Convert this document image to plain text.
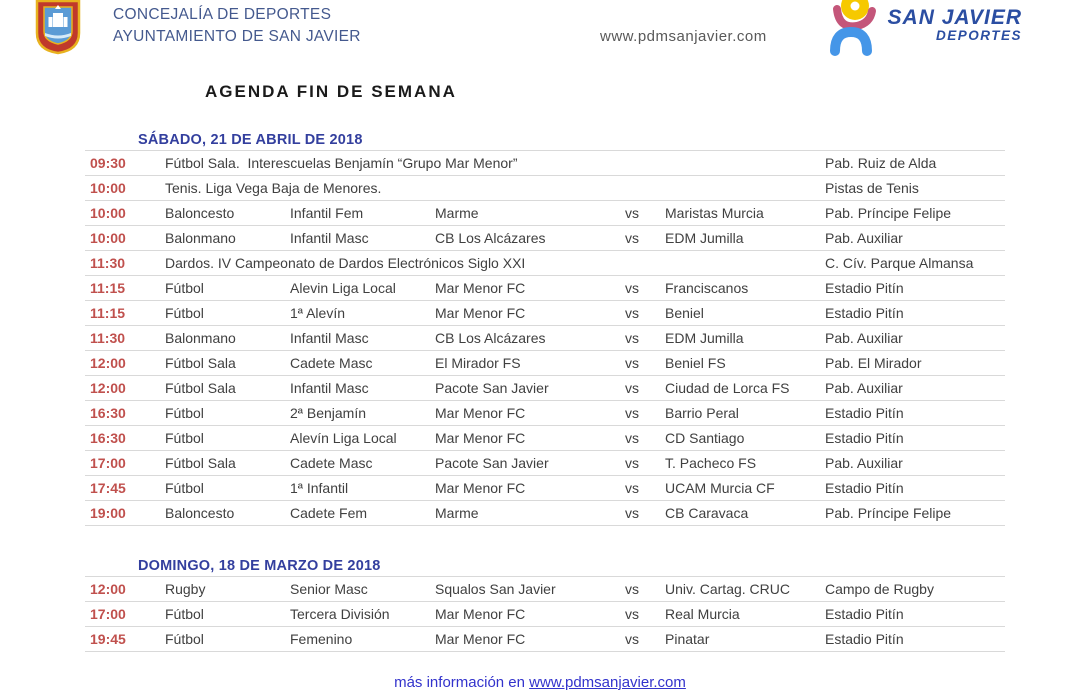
CONCEJALÍA DE DEPORTES
AYUNTAMIENTO DE SAN JAVIER	www.pdmsanjavier.com
SAN JAVIER
DEPORTES
AGENDA FIN DE SEMANA
SÁBADO, 21 DE ABRIL DE 2018
09:30	Fútbol Sala.  Interescuelas Benjamín “Grupo Mar Menor”	Pab. Ruiz de Alda
10:00	Tenis. Liga Vega Baja de Menores.	Pistas de Tenis
10:00	Baloncesto	Infantil Fem	Marme	vs	Maristas Murcia	Pab. Príncipe Felipe
10:00	Balonmano	Infantil Masc	CB Los Alcázares	vs	EDM Jumilla	Pab. Auxiliar
11:30	Dardos. IV Campeonato de Dardos Electrónicos Siglo XXI	C. Cív. Parque Almansa
11:15	Fútbol	Alevin Liga Local	Mar Menor FC	vs	Franciscanos	Estadio Pitín
11:15	Fútbol	1ª Alevín	Mar Menor FC	vs	Beniel	Estadio Pitín
11:30	Balonmano	Infantil Masc	CB Los Alcázares	vs	EDM Jumilla	Pab. Auxiliar
12:00	Fútbol Sala	Cadete Masc	El Mirador FS	vs	Beniel FS	Pab. El Mirador
12:00	Fútbol Sala	Infantil Masc	Pacote San Javier	vs	Ciudad de Lorca FS	Pab. Auxiliar
16:30	Fútbol	2ª Benjamín	Mar Menor FC	vs	Barrio Peral	Estadio Pitín
16:30	Fútbol	Alevín Liga Local	Mar Menor FC	vs	CD Santiago	Estadio Pitín
17:00	Fútbol Sala	Cadete Masc	Pacote San Javier	vs	T. Pacheco FS	Pab. Auxiliar
17:45	Fútbol	1ª Infantil	Mar Menor FC	vs	UCAM Murcia CF	Estadio Pitín
19:00	Baloncesto	Cadete Fem	Marme	vs	CB Caravaca	Pab. Príncipe Felipe
DOMINGO, 18 DE MARZO DE 2018
12:00	Rugby	Senior Masc	Squalos San Javier	vs	Univ. Cartag. CRUC	Campo de Rugby
17:00	Fútbol	Tercera División	Mar Menor FC	vs	Real Murcia	Estadio Pitín
19:45	Fútbol	Femenino	Mar Menor FC	vs	Pinatar	Estadio Pitín
más información en www.pdmsanjavier.com
